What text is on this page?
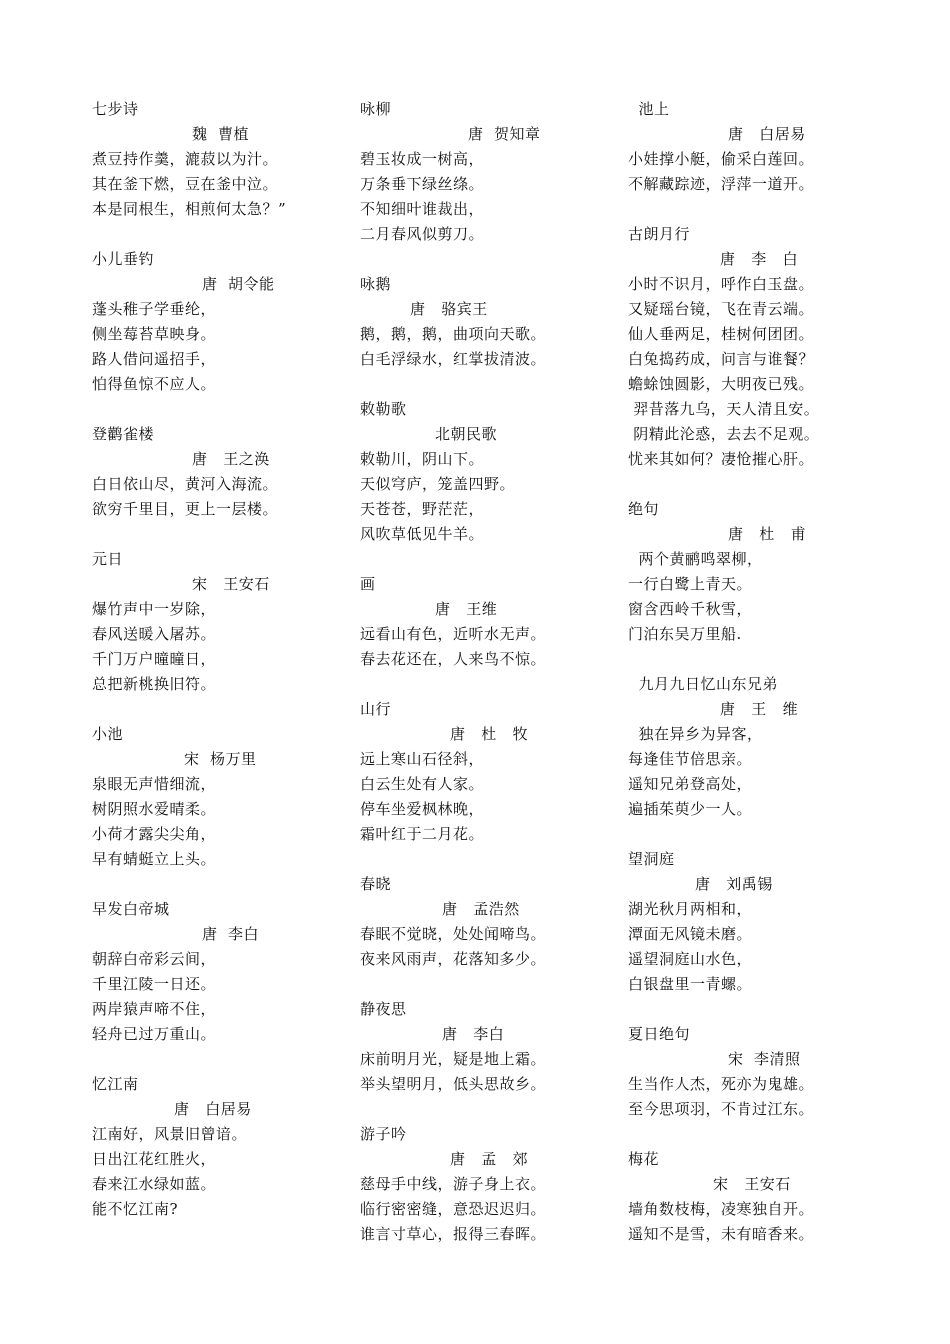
七步诗
魏  曹植
煮豆持作羹，漉菽以为汁。
其在釜下燃，豆在釜中泣。
本是同根生，相煎何太急？”
小儿垂钓
唐  胡令能
蓬头稚子学垂纶，
侧坐莓苔草映身。
路人借问遥招手，
怕得鱼惊不应人。
登鹳雀楼
唐   王之涣
白日依山尽，黄河入海流。
欲穷千里目，更上一层楼。
元日
宋   王安石
爆竹声中一岁除，
春风送暖入屠苏。
千门万户曈曈日，
总把新桃换旧符。
小池
宋  杨万里
泉眼无声惜细流，
树阴照水爱晴柔。
小荷才露尖尖角，
早有蜻蜓立上头。
早发白帝城
唐  李白
朝辞白帝彩云间，
千里江陵一日还。
两岸猿声啼不住，
轻舟已过万重山。
忆江南
唐   白居易
江南好，风景旧曾谙。
日出江花红胜火，
春来江水绿如蓝。
能不忆江南?
咏柳
唐  贺知章
碧玉妆成一树高，
万条垂下绿丝绦。
不知细叶谁裁出，
二月春风似剪刀。
咏鹅
唐   骆宾王
鹅，鹅，鹅，曲项向天歌。
白毛浮绿水，红掌拔清波。
敕勒歌
北朝民歌
敕勒川，阴山下。
天似穹庐，笼盖四野。
天苍苍，野茫茫，
风吹草低见牛羊。
画
唐   王维
远看山有色，近听水无声。
春去花还在，人来鸟不惊。
山行
唐   杜   牧
远上寒山石径斜，
白云生处有人家。
停车坐爱枫林晚，
霜叶红于二月花。
春晓
唐   孟浩然
春眠不觉晓，处处闻啼鸟。
夜来风雨声，花落知多少。
静夜思
唐   李白
床前明月光，疑是地上霜。
举头望明月，低头思故乡。
游子吟
唐   孟   郊
慈母手中线，游子身上衣。
临行密密缝，意恐迟迟归。
谁言寸草心，报得三春晖。
池上
唐   白居易
小娃撑小艇，偷采白莲回。
不解藏踪迹，浮萍一道开。
古朗月行
唐   李   白
小时不识月，呼作白玉盘。
又疑瑶台镜，飞在青云端。
仙人垂两足，桂树何团团。
白兔捣药成，问言与谁餐？
蟾蜍蚀圆影，大明夜已残。
羿昔落九乌，天人清且安。
阴精此沦惑，去去不足观。
忧来其如何？凄怆摧心肝。
绝句
唐   杜   甫
两个黄鹂鸣翠柳，
一行白鹭上青天。
窗含西岭千秋雪，
门泊东吴万里船.
九月九日忆山东兄弟
唐   王   维
独在异乡为异客，
每逢佳节倍思亲。
遥知兄弟登高处，
遍插茱萸少一人。
望洞庭
唐   刘禹锡
湖光秋月两相和，
潭面无风镜未磨。
遥望洞庭山水色，
白银盘里一青螺。
夏日绝句
宋  李清照
生当作人杰，死亦为鬼雄。
至今思项羽，不肯过江东。
梅花
宋   王安石
墙角数枝梅，凌寒独自开。
遥知不是雪，未有暗香来。
